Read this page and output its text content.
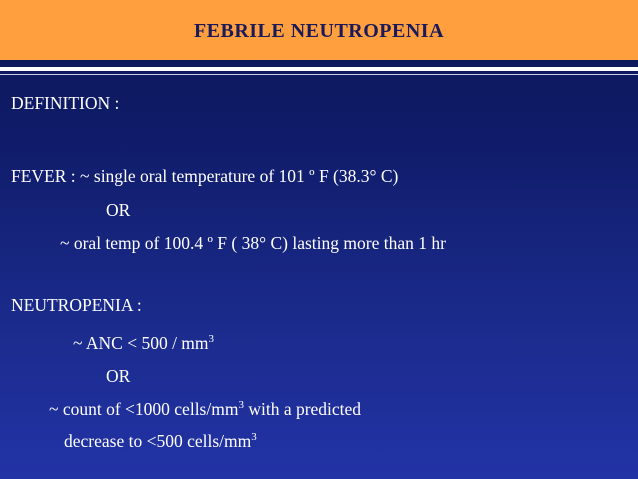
FEBRILE NEUTROPENIA
DEFINITION :
FEVER : ~ single oral temperature of 101 º F (38.3° C)
OR
~ oral temp of 100.4 º F ( 38° C) lasting more than 1 hr
NEUTROPENIA :
~ ANC < $500 / mm^3$
OR
~ count of <1000 cells/$mm^3$ with a predicted
decrease to <500 cells/$mm^3$
